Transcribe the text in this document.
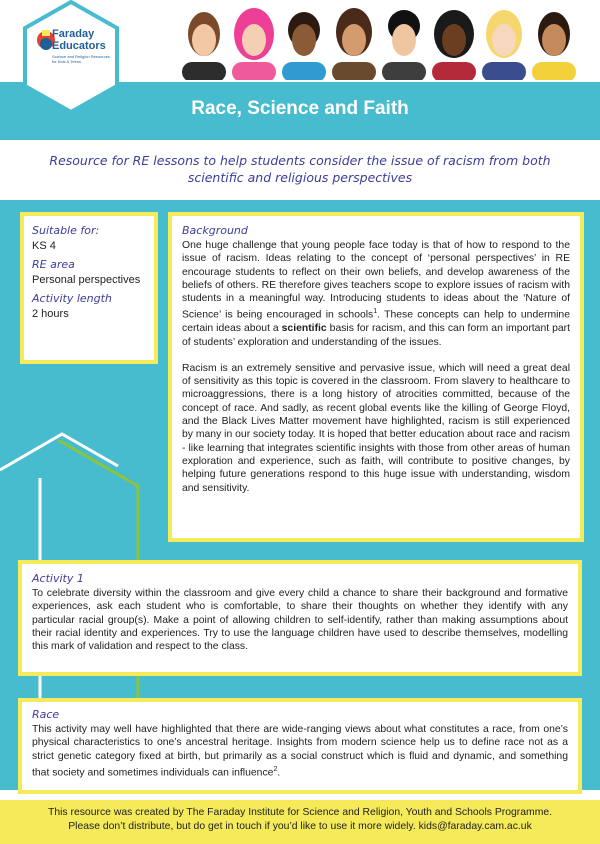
Race, Science and Faith
Faraday Educators
Science and Religion Resources for Kids & Teens
Resource for RE lessons to help students consider the issue of racism from both scientific and religious perspectives
Suitable for:
KS 4
RE area
Personal perspectives
Activity length
2 hours
Background

One huge challenge that young people face today is that of how to respond to the issue of racism. Ideas relating to the concept of ‘personal perspectives’ in RE encourage students to reflect on their own beliefs, and develop awareness of the beliefs of others. RE therefore gives teachers scope to explore issues of racism with students in a meaningful way. Introducing students to ideas about the ‘Nature of Science’ is being encouraged in schools$^1$. These concepts can help to undermine certain ideas about a scientific basis for racism, and this can form an important part of students’ exploration and understanding of the issues.

Racism is an extremely sensitive and pervasive issue, which will need a great deal of sensitivity as this topic is covered in the classroom. From slavery to healthcare to microaggressions, there is a long history of atrocities committed, because of the concept of race. And sadly, as recent global events like the killing of George Floyd, and the Black Lives Matter movement have highlighted, racism is still experienced by many in our society today. It is hoped that better education about race and racism - like learning that integrates scientific insights with those from other areas of human exploration and experience, such as faith, will contribute to positive changes, by helping future generations respond to this huge issue with understanding, wisdom and sensitivity.

Activity 1

To celebrate diversity within the classroom and give every child a chance to share their background and formative experiences, ask each student who is comfortable, to share their thoughts on whether they identify with any particular racial group(s). Make a point of allowing children to self-identify, rather than making assumptions about their racial identity and experiences. Try to use the language children have used to describe themselves, modelling this mark of validation and respect to the class.

Race

This activity may well have highlighted that there are wide-ranging views about what constitutes a race, from one’s physical characteristics to one’s ancestral heritage. Insights from modern science help us to define race not as a strict genetic category fixed at birth, but primarily as a social construct which is fluid and dynamic, and something that society and sometimes individuals can influence$^2$.

This resource was created by The Faraday Institute for Science and Religion, Youth and Schools Programme.
Please don’t distribute, but do get in touch if you’d like to use it more widely. kids@faraday.cam.ac.uk
